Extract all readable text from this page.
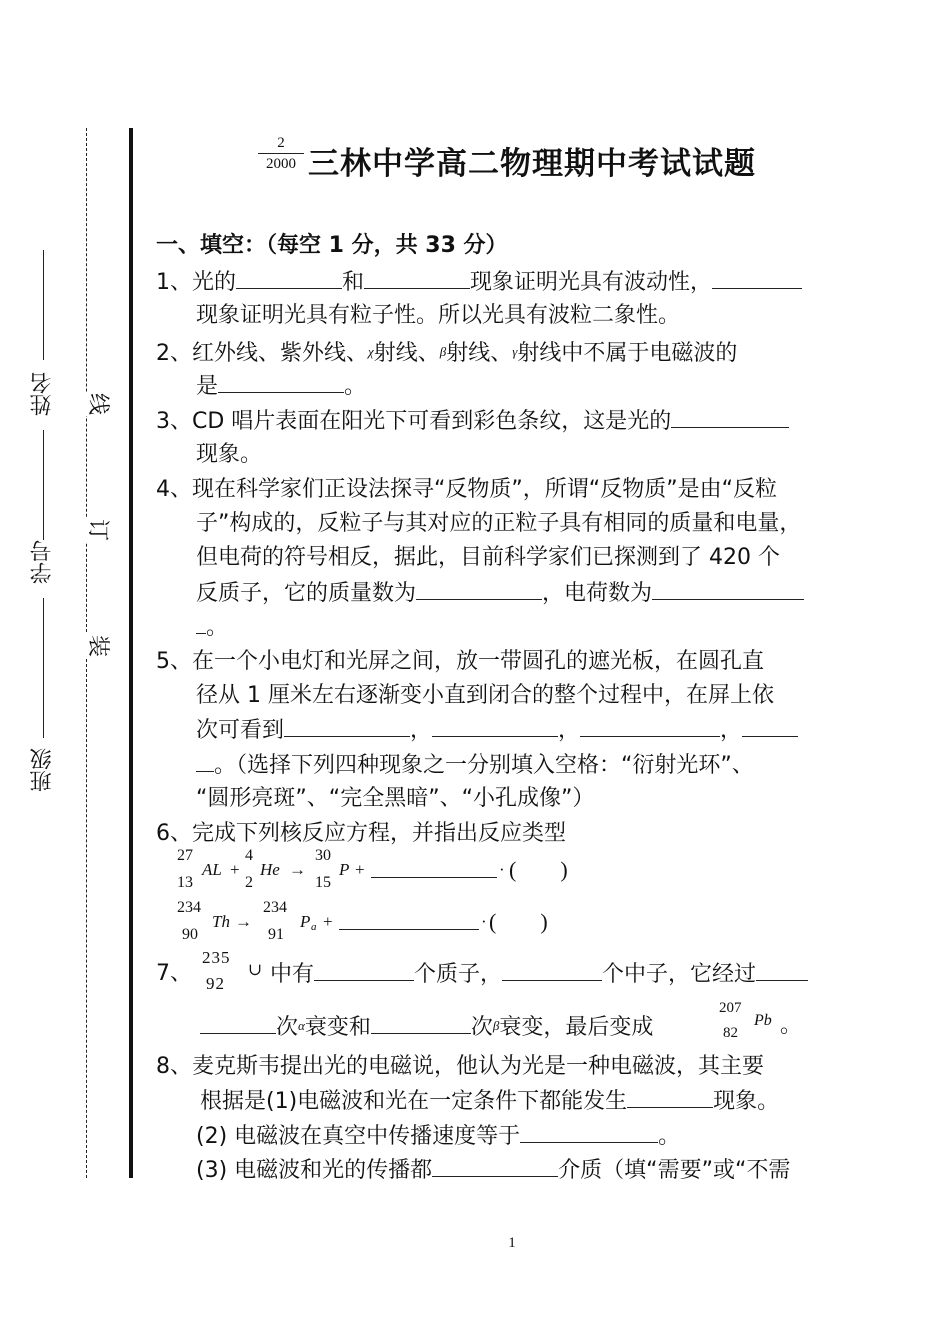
姓名
学号
班级
线
订
装
2
2000 三林中学高二物理期中考试试题
一、填空：（每空 1 分，共 33 分）
1、光的	和	现象证明光具有波动性，
现象证明光具有粒子性。所以光具有波粒二象性。
2、红外线、紫外线、χ射线、β射线、γ射线中不属于电磁波的
是	。
3、CD 唱片表面在阳光下可看到彩色条纹，这是光的
现象。
4、现在科学家们正设法探寻“反物质”，所谓“反物质”是由“反粒
子”构成的，反粒子与其对应的正粒子具有相同的质量和电量，
但电荷的符号相反，据此，目前科学家们已探测到了 420 个
反质子，它的质量数为	，电荷数为
。
5、在一个小电灯和光屏之间，放一带圆孔的遮光板，在圆孔直
径从 1 厘米左右逐渐变小直到闭合的整个过程中，在屏上依
次可看到	，	，	，
。（选择下列四种现象之一分别填入空格：“衍射光环”、
“圆形亮斑”、“完全黑暗”、“小孔成像”）
6、完成下列核反应方程，并指出反应类型
27
13
AL +
4
2
He →
30
15
P +	· (        )
234
90
Th →
234
91
P a +	· (        )
7、
235
92
∪ 中有	个质子，	个中子，它经过
次α衰变和	次β衰变，最后变成
207
82
Pb 。
8、麦克斯韦提出光的电磁说，他认为光是一种电磁波，其主要
根据是(1)电磁波和光在一定条件下都能发生	现象。
(2) 电磁波在真空中传播速度等于	。
(3) 电磁波和光的传播都	介质（填“需要”或“不需
1
